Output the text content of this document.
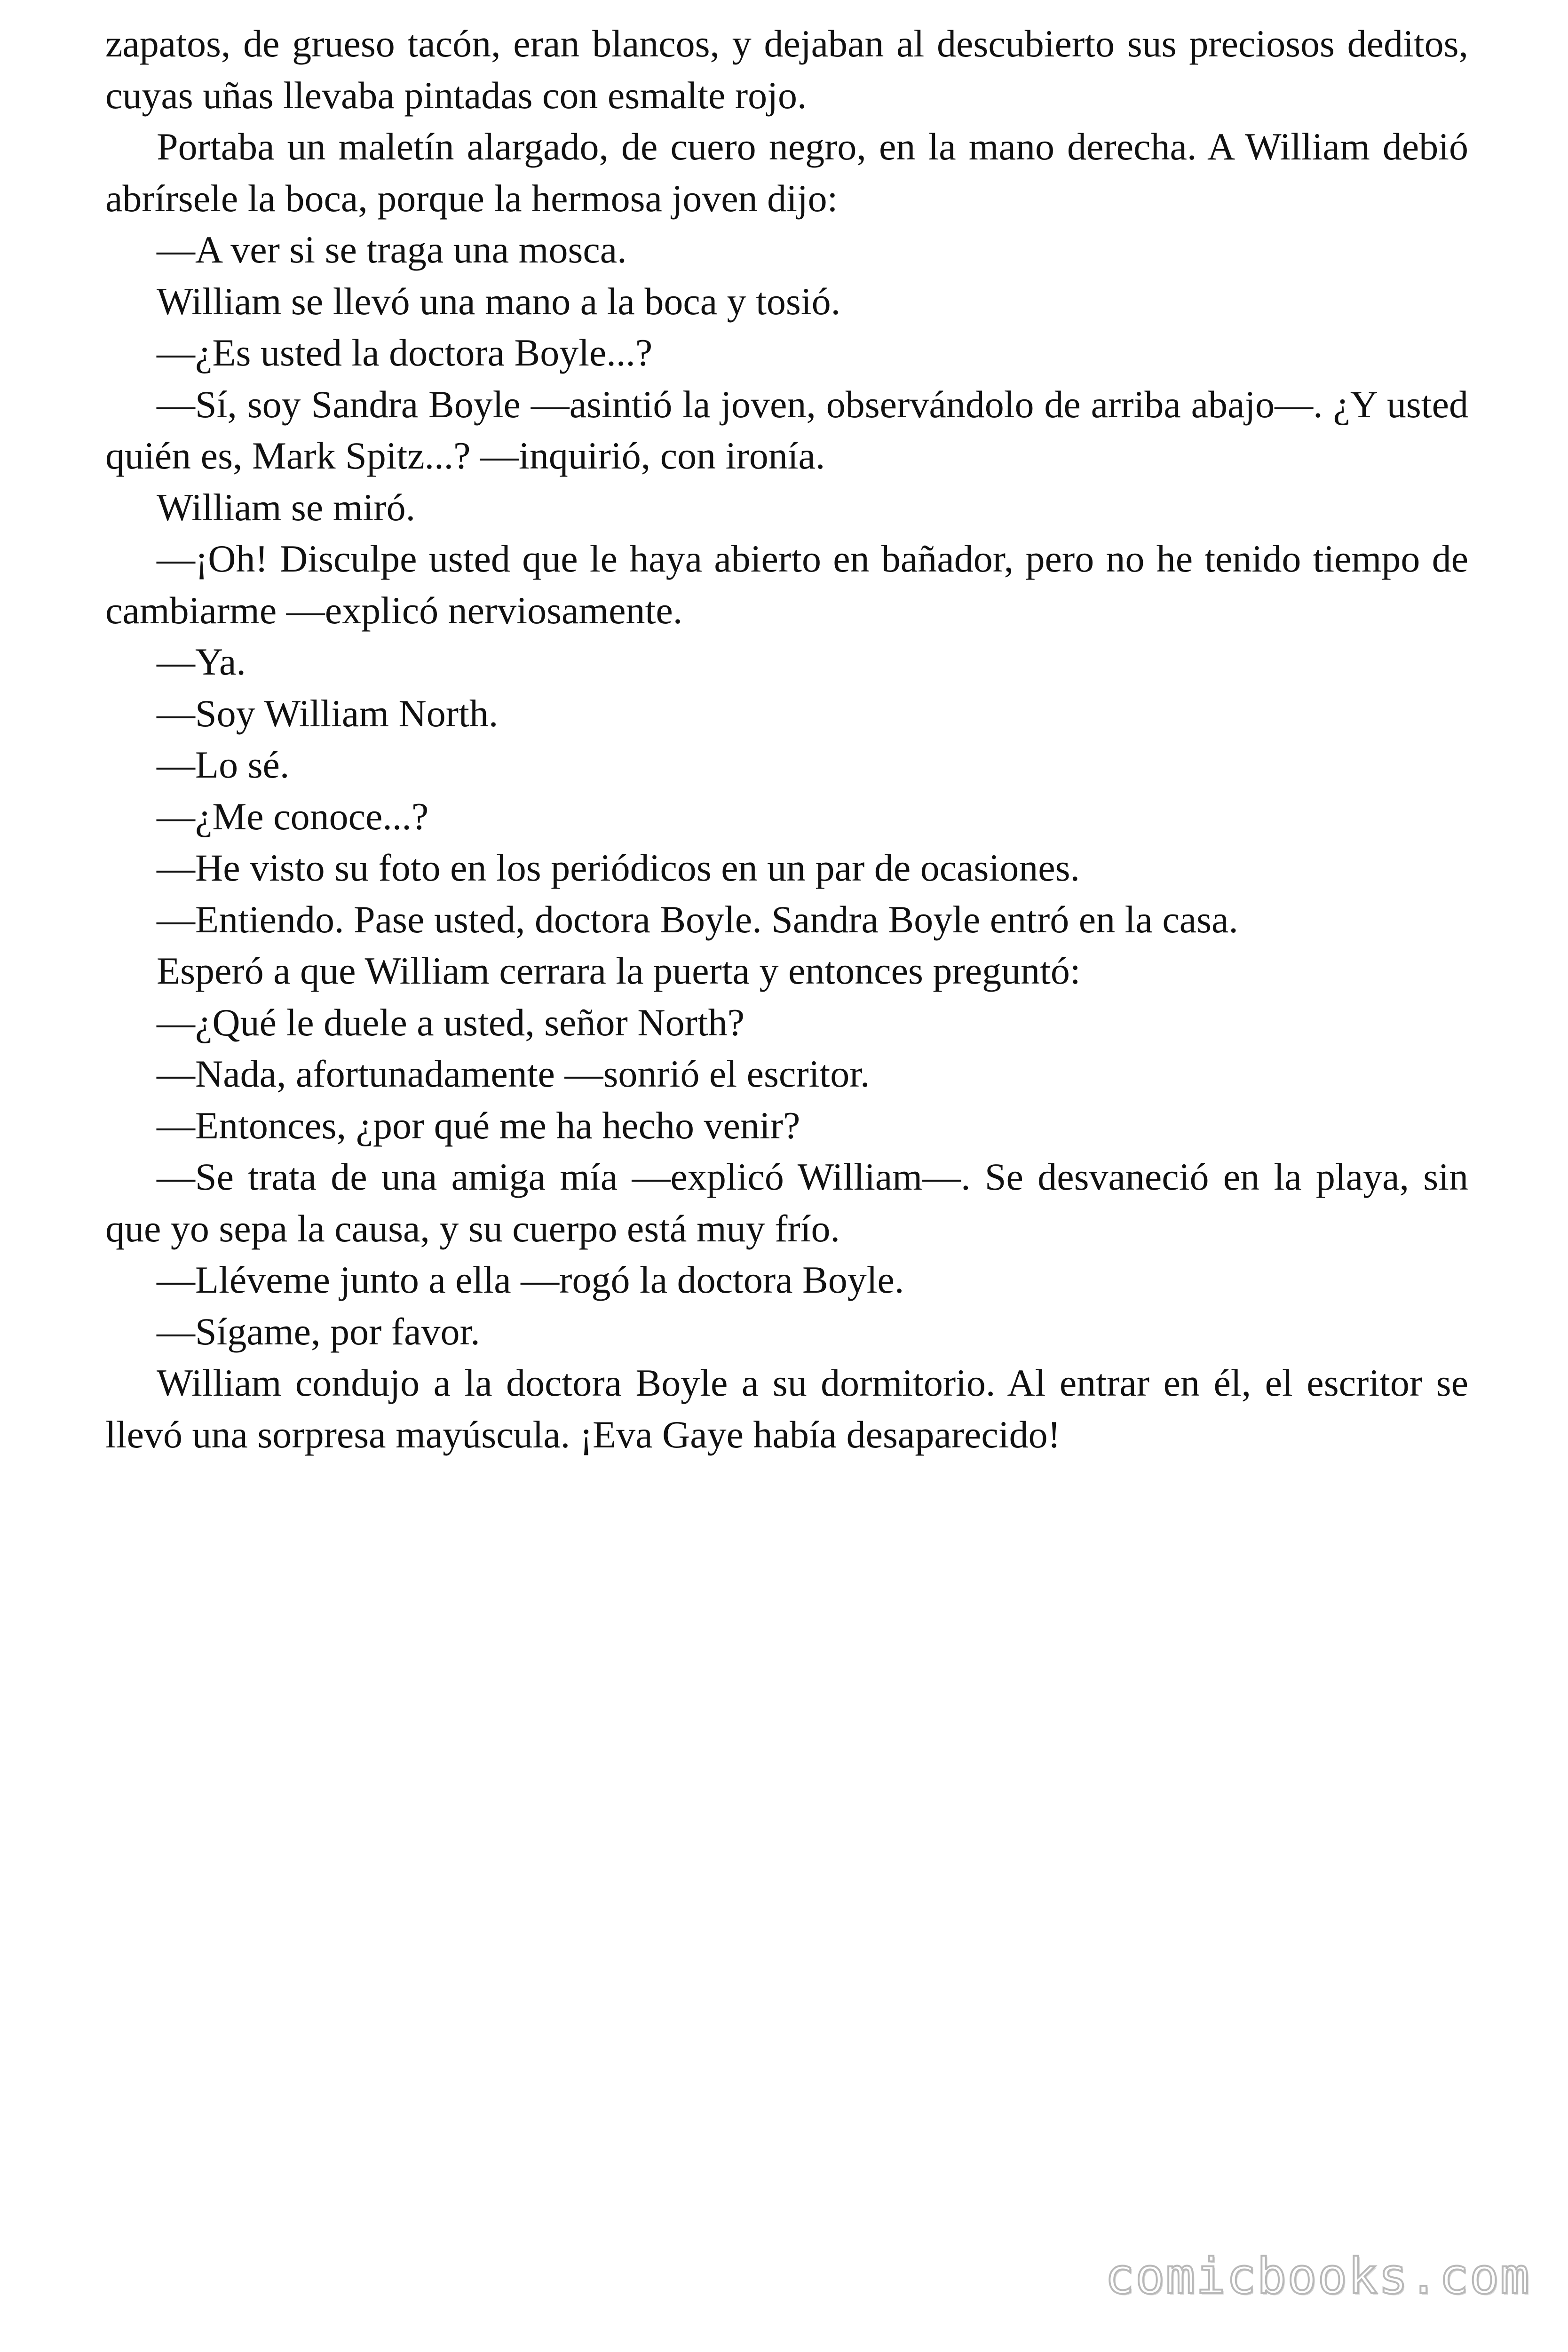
zapatos, de grueso tacón, eran blancos, y dejaban al descubierto sus preciosos deditos, cuyas uñas llevaba pintadas con esmalte rojo.

Portaba un maletín alargado, de cuero negro, en la mano derecha. A William debió abrírsele la boca, porque la hermosa joven dijo:

—A ver si se traga una mosca.

William se llevó una mano a la boca y tosió.

—¿Es usted la doctora Boyle...?

—Sí, soy Sandra Boyle —asintió la joven, observándolo de arriba abajo—. ¿Y usted quién es, Mark Spitz...? —inquirió, con ironía.

William se miró.

—¡Oh! Disculpe usted que le haya abierto en bañador, pero no he tenido tiempo de cambiarme —explicó nerviosamente.

—Ya.

—Soy William North.

—Lo sé.

—¿Me conoce...?

—He visto su foto en los periódicos en un par de ocasiones.

—Entiendo. Pase usted, doctora Boyle. Sandra Boyle entró en la casa.

Esperó a que William cerrara la puerta y entonces preguntó:

—¿Qué le duele a usted, señor North?

—Nada, afortunadamente —sonrió el escritor.

—Entonces, ¿por qué me ha hecho venir?

—Se trata de una amiga mía —explicó William—. Se desvaneció en la playa, sin que yo sepa la causa, y su cuerpo está muy frío.

—Lléveme junto a ella —rogó la doctora Boyle.

—Sígame, por favor.

William condujo a la doctora Boyle a su dormitorio. Al entrar en él, el escritor se llevó una sorpresa mayúscula. ¡Eva Gaye había desaparecido!

comicbooks.com
